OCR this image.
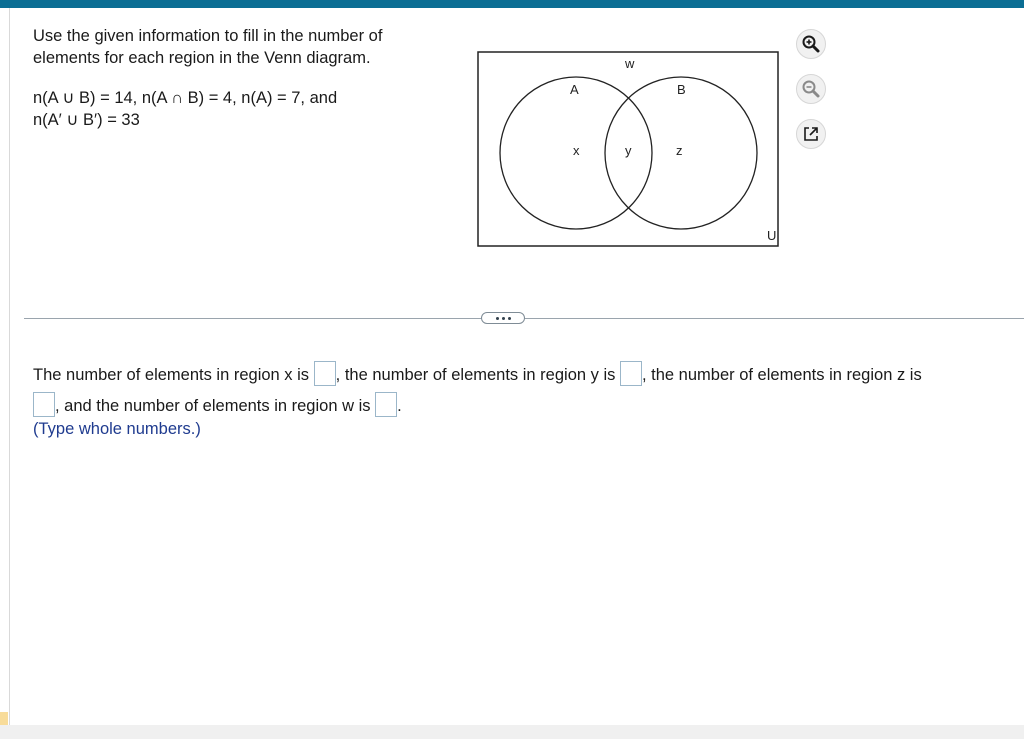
Use the given information to fill in the number of elements for each region in the Venn diagram.

n(A ∪ B) = 14, n(A ∩ B) = 4, n(A) = 7, and

n(A′ ∪ B′) = 33

w
A	B
x	y	z
U
The number of elements in region x is , the number of elements in region y is , the number of elements in region z is
, and the number of elements in region w is .
(Type whole numbers.)
